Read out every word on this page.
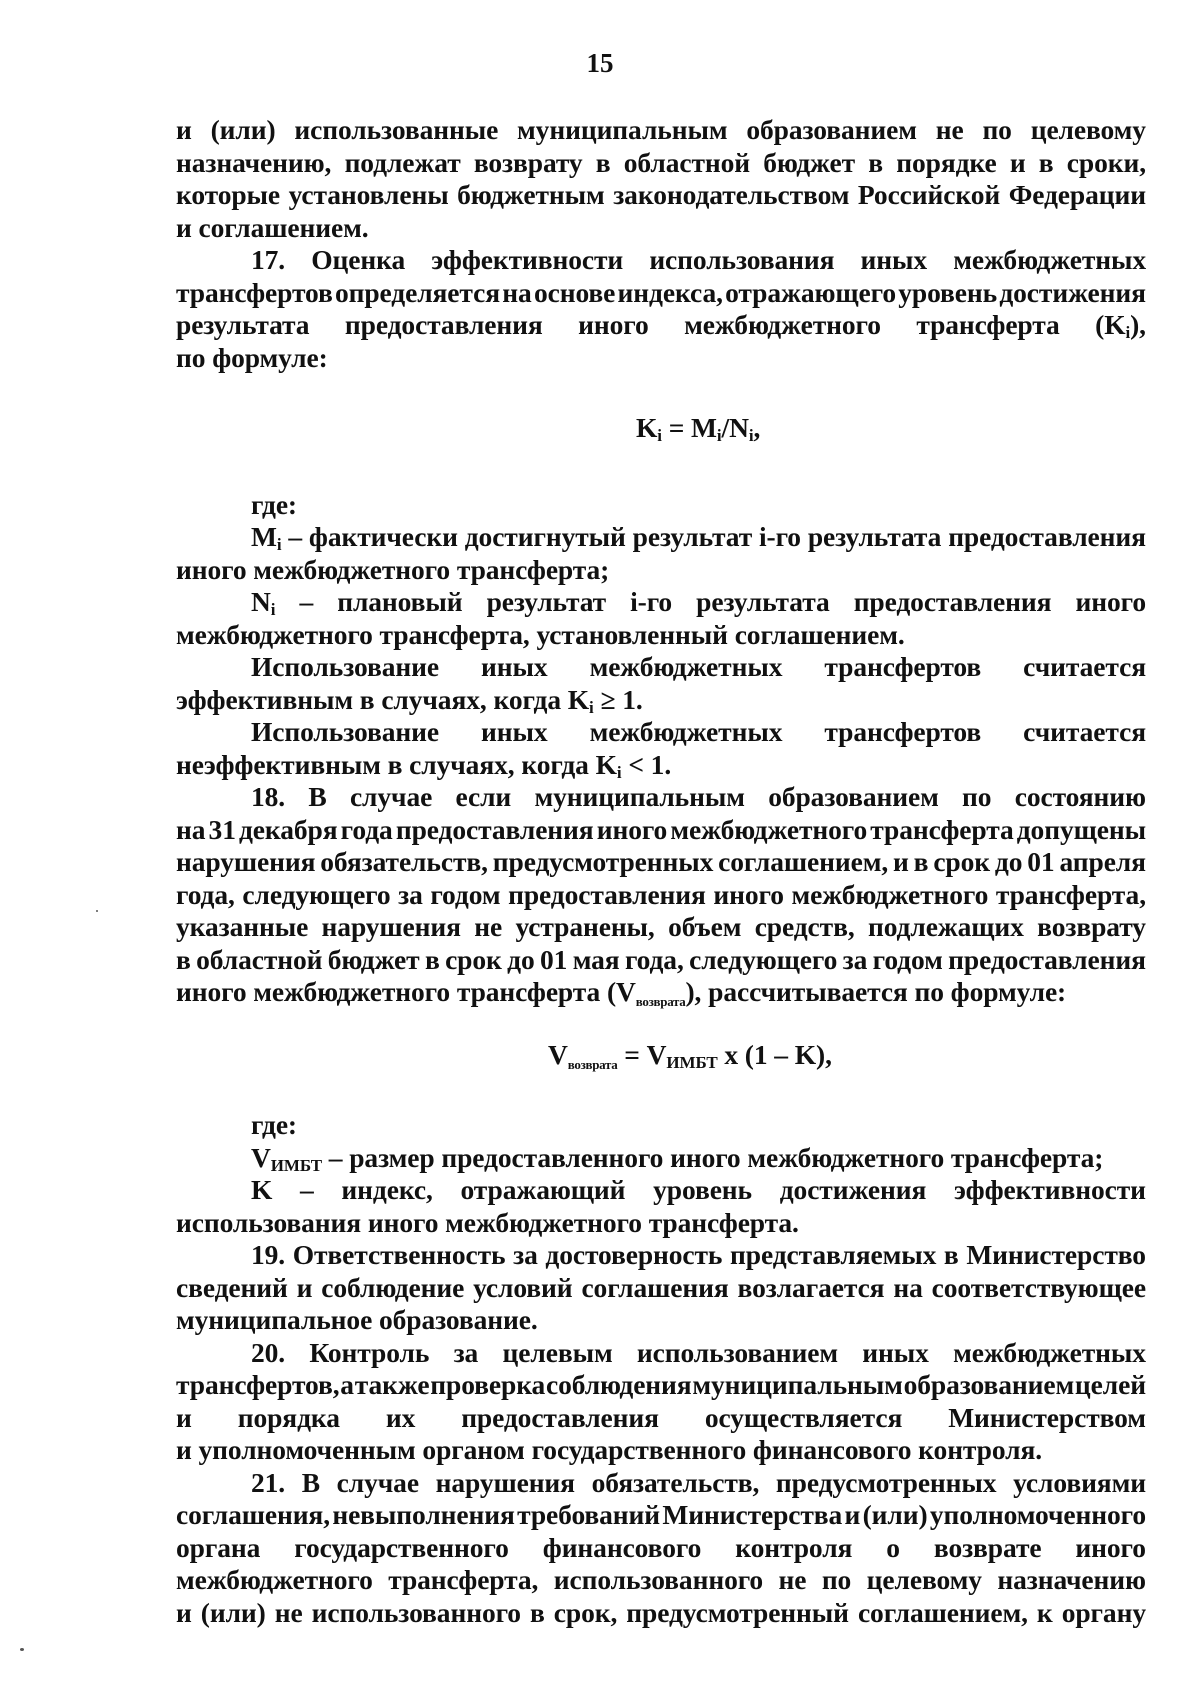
15
и (или) использованные муниципальным образованием не по целевому
назначению, подлежат возврату в областной бюджет в порядке и в сроки,
которые установлены бюджетным законодательством Российской Федерации
и соглашением.
17. Оценка эффективности использования иных межбюджетных
трансфертов определяется на основе индекса, отражающего уровень достижения
результата предоставления иного межбюджетного трансферта (Ki),
по формуле:
Ki = Mi/Ni,
где:
Mi – фактически достигнутый результат i-го результата предоставления
иного межбюджетного трансферта;
Ni – плановый результат i-го результата предоставления иного
межбюджетного трансферта, установленный соглашением.
Использование иных межбюджетных трансфертов считается
эффективным в случаях, когда Ki ≥ 1.
Использование иных межбюджетных трансфертов считается
неэффективным в случаях, когда Ki < 1.
18. В случае если муниципальным образованием по состоянию
на 31 декабря года предоставления иного межбюджетного трансферта допущены
нарушения обязательств, предусмотренных соглашением, и в срок до 01 апреля
года, следующего за годом предоставления иного межбюджетного трансферта,
указанные нарушения не устранены, объем средств, подлежащих возврату
в областной бюджет в срок до 01 мая года, следующего за годом предоставления
иного межбюджетного трансферта (Vвозврата), рассчитывается по формуле:
Vвозврата = VИМБТ x (1 – K),
где:
VИМБТ – размер предоставленного иного межбюджетного трансферта;
K – индекс, отражающий уровень достижения эффективности
использования иного межбюджетного трансферта.
19. Ответственность за достоверность представляемых в Министерство
сведений и соблюдение условий соглашения возлагается на соответствующее
муниципальное образование.
20. Контроль за целевым использованием иных межбюджетных
трансфертов, а также проверка соблюдения муниципальным образованием целей
и порядка их предоставления осуществляется Министерством
и уполномоченным органом государственного финансового контроля.
21. В случае нарушения обязательств, предусмотренных условиями
соглашения, невыполнения требований Министерства и (или) уполномоченного
органа государственного финансового контроля о возврате иного
межбюджетного трансферта, использованного не по целевому назначению
и (или) не использованного в срок, предусмотренный соглашением, к органу
